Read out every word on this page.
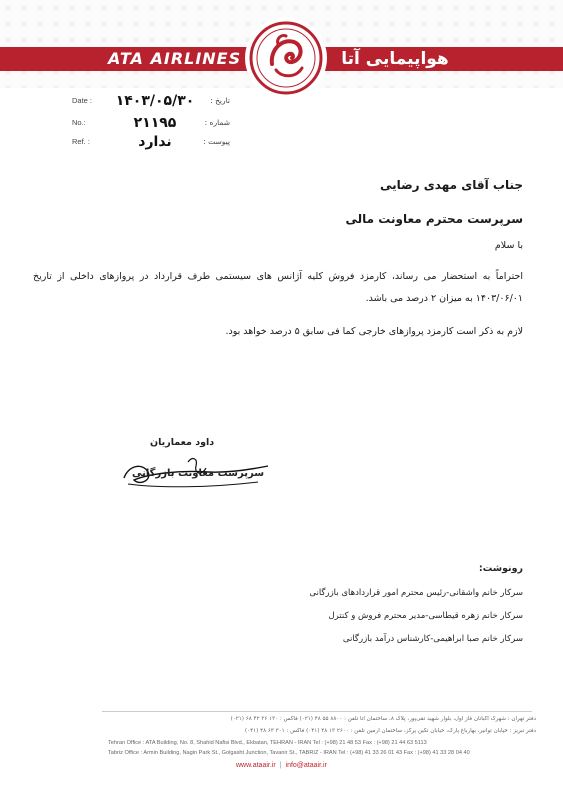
ATA AIRLINES	هواپیمایی آتا
Date :	۱۴۰۳/۰۵/۳۰	تاریخ :
No.:	۲۱۱۹۵	شماره :
Ref. :	ندارد	پیوست :
جناب آقای مهدی رضایی
سرپرست محترم معاونت مالی
با سلام
احتراماً به استحضار می رساند، کارمزد فروش کلیه آژانس های سیستمی طرف قرارداد در پروازهای داخلی از تاریخ ۱۴۰۳/۰۶/۰۱ به میزان ۲ درصد می باشد.
لازم به ذکر است کارمزد پروازهای خارجی کما فی سابق ۵ درصد خواهد بود.
داود معماریان
سرپرست معاونت بازرگانی
رونوشت:
سرکار خانم واشقانی-رئیس محترم امور قراردادهای بازرگانی
سرکار خانم زهره قیطاسی-مدیر محترم فروش و کنترل
سرکار خانم صبا ابراهیمی-کارشناس درآمد بازرگانی
دفتر تهران : شهرک اکباتان فاز اول، بلوار شهید تقی‌پور، پلاک ۸، ساختمان آتا تلفن : ۸۸۰۰ ۵۵ ۴۸ (۰۲۱) فاکس : ۱۳۰ ۳۶ ۴۲ ۶۸ (۰۲۱)
دفتر تبریز : خیابان توانیر، بهارباغ پارک، خیابان تکین پرکز، ساختمان آرمین تلفن : ۲۶۰۰ ۱۳ ۴۸ (۰۴۱) فاکس : ۳۰۱ ۶۳ ۴۸ (۰۴۱)
Tehran Office : ATA Building, No. 8, Shahid Nafisi Blvd., Ekbatan, TEHRAN - IRAN Tel : (+98) 21 48 53 Fax : (+98) 21 44 63 5113
Tabriz Office : Armin Building, Nagin Park St., Golgasht Junction, Tavanir St., TABRIZ - IRAN Tel : (+98) 41 33 26 01 43 Fax : (+98) 41 33 28 04 40
www.ataair.ir | info@ataair.ir
